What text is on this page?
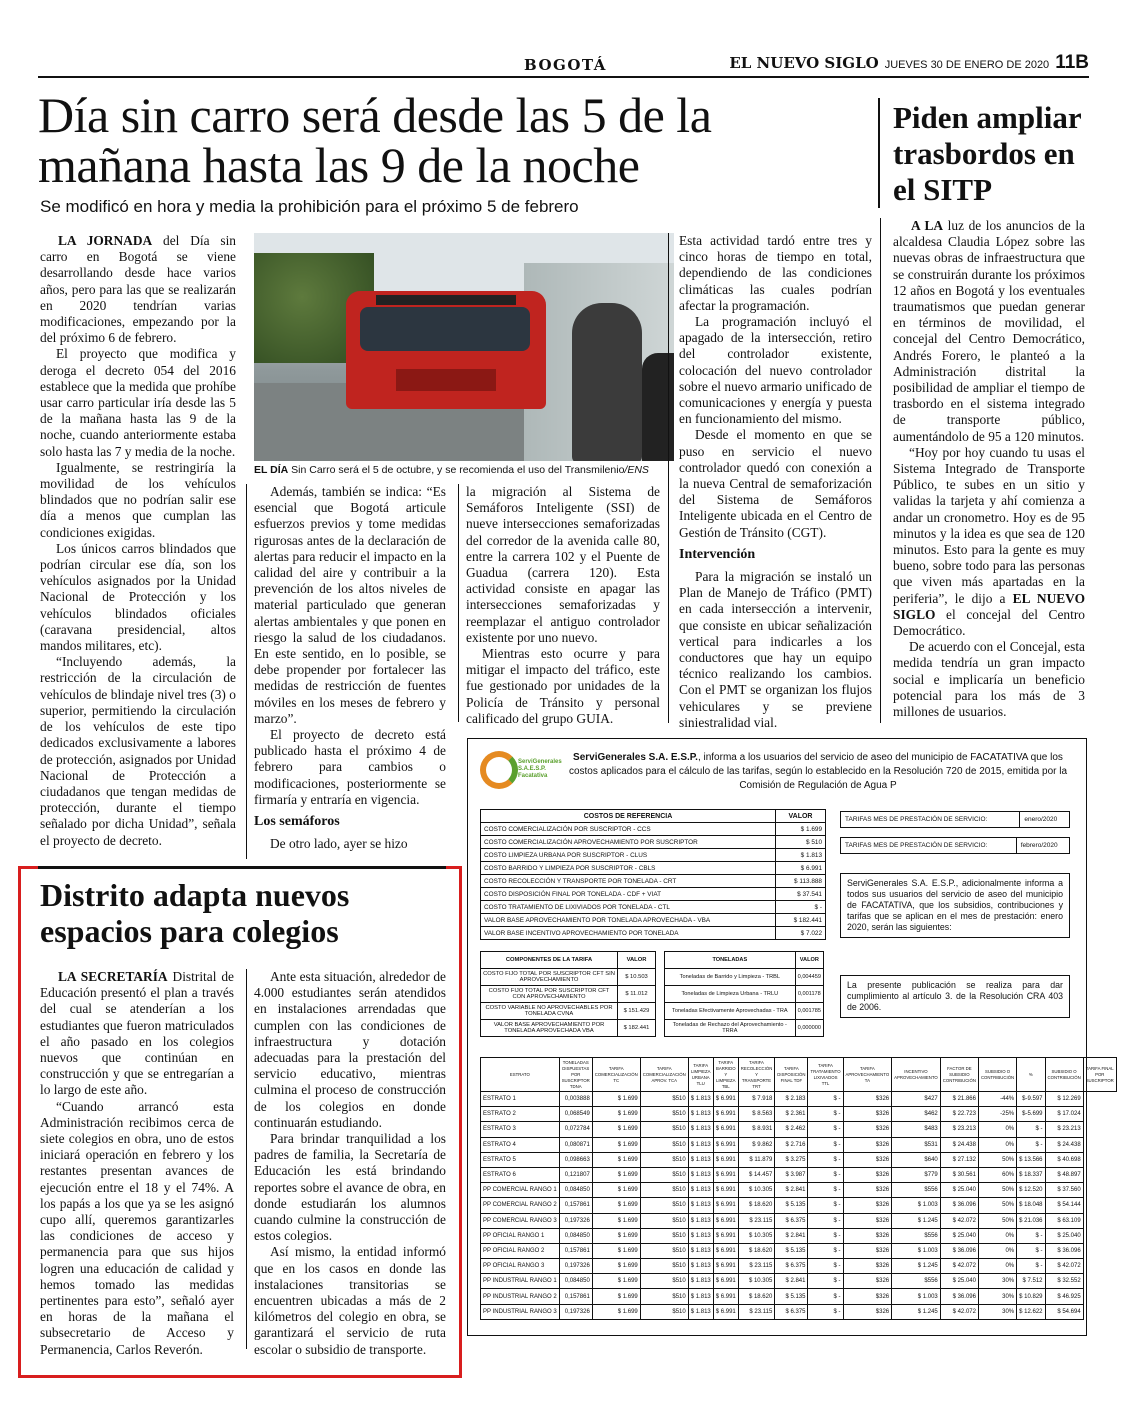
BOGOTÁ	EL NUEVO SIGLO JUEVES 30 DE ENERO DE 2020 11B
Día sin carro será desde las 5 de la mañana hasta las 9 de la noche
Se modificó en hora y media la prohibición para el próximo 5 de febrero

LA JORNADA del Día sin carro en Bogotá se viene desarrollando desde hace varios años, pero para las que se realizarán en 2020 tendrían varias modificaciones, empezando por la del próximo 6 de febrero.

El proyecto que modifica y deroga el decreto 054 del 2016 establece que la medida que prohíbe usar carro particular iría desde las 5 de la mañana hasta las 9 de la noche, cuando anteriormente estaba solo hasta las 7 y media de la noche.

Igualmente, se restringiría la movilidad de los vehículos blindados que no podrían salir ese día a menos que cumplan las condiciones exigidas.

Los únicos carros blindados que podrían circular ese día, son los vehículos asignados por la Unidad Nacional de Protección y los vehículos blindados oficiales (caravana presidencial, altos mandos militares, etc).

“Incluyendo además, la restricción de la circulación de vehículos de blindaje nivel tres (3) o superior, permitiendo la circulación de los vehículos de este tipo dedicados exclusivamente a labores de protección, asignados por Unidad Nacional de Protección a ciudadanos que tengan medidas de protección, durante el tiempo señalado por dicha Unidad”, señala el proyecto de decreto.

EL DÍA Sin Carro será el 5 de octubre, y se recomienda el uso del Transmilenio/ENS

Además, también se indica: “Es esencial que Bogotá articule esfuerzos previos y tome medidas rigurosas antes de la declaración de alertas para reducir el impacto en la calidad del aire y contribuir a la prevención de los altos niveles de material particulado que generan alertas ambientales y que ponen en riesgo la salud de los ciudadanos. En este sentido, en lo posible, se debe propender por fortalecer las medidas de restricción de fuentes móviles en los meses de febrero y marzo”.

El proyecto de decreto está publicado hasta el próximo 4 de febrero para cambios o modificaciones, posteriormente se firmaría y entraría en vigencia.

Los semáforos

De otro lado, ayer se hizo

la migración al Sistema de Semáforos Inteligente (SSI) de nueve intersecciones semaforizadas del corredor de la avenida calle 80, entre la carrera 102 y el Puente de Guadua (carrera 120). Esta actividad consiste en apagar las intersecciones semaforizadas y reemplazar el antiguo controlador existente por uno nuevo.

Mientras esto ocurre y para mitigar el impacto del tráfico, este fue gestionado por unidades de la Policía de Tránsito y personal calificado del grupo GUIA.

Esta actividad tardó entre tres y cinco horas de tiempo en total, dependiendo de las condiciones climáticas las cuales podrían afectar la programación.

La programación incluyó el apagado de la intersección, retiro del controlador existente, colocación del nuevo controlador sobre el nuevo armario unificado de comunicaciones y energía y puesta en funcionamiento del mismo.

Desde el momento en que se puso en servicio el nuevo controlador quedó con conexión a la nueva Central de semaforización del Sistema de Semáforos Inteligente ubicada en el Centro de Gestión de Tránsito (CGT).

Intervención

Para la migración se instaló un Plan de Manejo de Tráfico (PMT) en cada intersección a intervenir, que consiste en ubicar señalización vertical para indicarles a los conductores que hay un equipo técnico realizando los cambios. Con el PMT se organizan los flujos vehiculares y se previene siniestralidad vial.

Piden ampliar trasbordos en el SITP

A LA luz de los anuncios de la alcaldesa Claudia López sobre las nuevas obras de infraestructura que se construirán durante los próximos 12 años en Bogotá y los eventuales traumatismos que puedan generar en términos de movilidad, el concejal del Centro Democrático, Andrés Forero, le planteó a la Administración distrital la posibilidad de ampliar el tiempo de trasbordo en el sistema integrado de transporte público, aumentándolo de 95 a 120 minutos.

“Hoy por hoy cuando tu usas el Sistema Integrado de Transporte Público, te subes en un sitio y validas la tarjeta y ahí comienza a andar un cronometro. Hoy es de 95 minutos y la idea es que sea de 120 minutos. Esto para la gente es muy bueno, sobre todo para las personas que viven más apartadas en la periferia”, le dijo a EL NUEVO SIGLO el concejal del Centro Democrático.

De acuerdo con el Concejal, esta medida tendría un gran impacto social e implicaría un beneficio potencial para los más de 3 millones de usuarios.

Distrito adapta nuevos espacios para colegios

LA SECRETARÍA Distrital de Educación presentó el plan a través del cual se atenderían a los estudiantes que fueron matriculados el año pasado en los colegios nuevos que continúan en construcción y que se entregarían a lo largo de este año.

“Cuando arrancó esta Administración recibimos cerca de siete colegios en obra, uno de estos iniciará operación en febrero y los restantes presentan avances de ejecución entre el 18 y el 74%. A los papás a los que ya se les asignó cupo allí, queremos garantizarles las condiciones de acceso y permanencia para que sus hijos logren una educación de calidad y hemos tomado las medidas pertinentes para esto”, señaló ayer en horas de la mañana el subsecretario de Acceso y Permanencia, Carlos Reverón.

Ante esta situación, alrededor de 4.000 estudiantes serán atendidos en instalaciones arrendadas que cumplen con las condiciones de infraestructura y dotación adecuadas para la prestación del servicio educativo, mientras culmina el proceso de construcción de los colegios en donde continuarán estudiando.

Para brindar tranquilidad a los padres de familia, la Secretaría de Educación les está brindando reportes sobre el avance de obra, en donde estudiarán los alumnos cuando culmine la construcción de estos colegios.

Así mismo, la entidad informó que en los casos en donde las instalaciones transitorias se encuentren ubicadas a más de 2 kilómetros del colegio en obra, se garantizará el servicio de ruta escolar o subsidio de transporte.

ServiGenerales S.A.E.S.P. Facatativa
ServiGenerales S.A. E.S.P., informa a los usuarios del servicio de aseo del municipio de FACATATIVA que los costos aplicados para el cálculo de las tarifas, según lo establecido en la Resolución 720 de 2015, emitida por la Comisión de Regulación de Agua P
COSTOS DE REFERENCIA	VALOR
COSTO COMERCIALIZACIÓN POR SUSCRIPTOR - CCS	$ 1.699
COSTO COMERCIALIZACIÓN APROVECHAMIENTO POR SUSCRIPTOR	$ 510
COSTO LIMPIEZA URBANA POR SUSCRIPTOR - CLUS	$ 1.813
COSTO BARRIDO Y LIMPIEZA POR SUSCRIPTOR - CBLS	$ 6.991
COSTO RECOLECCIÓN Y TRANSPORTE POR TONELADA - CRT	$ 113.888
COSTO DISPOSICIÓN FINAL POR TONELADA - CDF + VIAT	$ 37.541
COSTO TRATAMIENTO DE LIXIVIADOS POR TONELADA - CTL	$ -
VALOR BASE APROVECHAMIENTO POR TONELADA APROVECHADA - VBA	$ 182.441
VALOR BASE INCENTIVO APROVECHAMIENTO POR TONELADA	$ 7.022
TARIFAS MES DE PRESTACIÓN DE SERVICIO:	enero/2020
TARIFAS MES DE PRESTACIÓN DE SERVICIO:	febrero/2020
ServiGenerales S.A. E.S.P., adicionalmente informa a todos sus usuarios del servicio de aseo del municipio de FACATATIVA, que los subsidios, contribuciones y tarifas que se aplican en el mes de prestación: enero 2020, serán las siguientes:
La presente publicación se realiza para dar cumplimiento al artículo 3. de la Resolución CRA 403 de 2006.
COMPONENTES DE LA TARIFA	VALOR
COSTO FIJO TOTAL POR SUSCRIPTOR CFT SIN APROVECHAMIENTO	$ 10.503
COSTO FIJO TOTAL POR SUSCRIPTOR CFT CON APROVECHAMIENTO	$ 11.012
COSTO VARIABLE NO APROVECHABLES POR TONELADA CVNA	$ 151.429
VALOR BASE APROVECHAMIENTO POR TONELADA APROVECHADA VBA	$ 182.441
TONELADAS	VALOR
Toneladas de Barrido y Limpieza - TRBL	0,004459
Toneladas de Limpieza Urbana - TRLU	0,001178
Toneladas Efectivamente Aprovechadas - TRA	0,001785
Toneladas de Rechazo del Aprovechamiento - TRRA	0,000000
ESTRATO	TONELADAS DISPUESTAS POR SUSCRIPTOR TDNA	TARIFA COMERCIALIZACIÓN TC	TARIFA COMERCIALIZACIÓN APROV. TCA	TARIFA LIMPIEZA URBANA TLU	TARIFA BARRIDO Y LIMPIEZA TBL	TARIFA RECOLECCIÓN Y TRANSPORTE TRT	TARIFA DISPOSICIÓN FINAL TDF	TARIFA TRATAMIENTO LIXIVIADOS TTL	TARIFA APROVECHAMIENTO TA	INCENTIVO APROVECHAMIENTO	FACTOR DE SUBSIDIO CONTRIBUCIÓN	SUBSIDIO O CONTRIBUCIÓN	%	SUBSIDIO O CONTRIBUCIÓN	TARIFA FINAL POR SUSCRIPTOR
ESTRATO 1	0,003888	$ 1.699	$510	$ 1.813	$ 6.991	$ 7.918	$ 2.183	$ -	$326	$427	$ 21.866	-44%	$-9.597	$ 12.269	
ESTRATO 2	0,068549	$ 1.699	$510	$ 1.813	$ 6.991	$ 8.563	$ 2.361	$ -	$326	$462	$ 22.723	-25%	$-5.699	$ 17.024	
ESTRATO 3	0,072784	$ 1.699	$510	$ 1.813	$ 6.991	$ 8.931	$ 2.462	$ -	$326	$483	$ 23.213	0%	$ -	$ 23.213	
ESTRATO 4	0,080871	$ 1.699	$510	$ 1.813	$ 6.991	$ 9.862	$ 2.716	$ -	$326	$531	$ 24.438	0%	$ -	$ 24.438	
ESTRATO 5	0,098663	$ 1.699	$510	$ 1.813	$ 6.991	$ 11.879	$ 3.275	$ -	$326	$640	$ 27.132	50%	$ 13.566	$ 40.698	
ESTRATO 6	0,121807	$ 1.699	$510	$ 1.813	$ 6.991	$ 14.457	$ 3.987	$ -	$326	$779	$ 30.561	60%	$ 18.337	$ 48.897	
PP COMERCIAL RANGO 1	0,084850	$ 1.699	$510	$ 1.813	$ 6.991	$ 10.305	$ 2.841	$ -	$326	$556	$ 25.040	50%	$ 12.520	$ 37.560	
PP COMERCIAL RANGO 2	0,157861	$ 1.699	$510	$ 1.813	$ 6.991	$ 18.620	$ 5.135	$ -	$326	$ 1.003	$ 36.096	50%	$ 18.048	$ 54.144	
PP COMERCIAL RANGO 3	0,197326	$ 1.699	$510	$ 1.813	$ 6.991	$ 23.115	$ 6.375	$ -	$326	$ 1.245	$ 42.072	50%	$ 21.036	$ 63.109	
PP OFICIAL RANGO 1	0,084850	$ 1.699	$510	$ 1.813	$ 6.991	$ 10.305	$ 2.841	$ -	$326	$556	$ 25.040	0%	$ -	$ 25.040	
PP OFICIAL RANGO 2	0,157861	$ 1.699	$510	$ 1.813	$ 6.991	$ 18.620	$ 5.135	$ -	$326	$ 1.003	$ 36.096	0%	$ -	$ 36.096	
PP OFICIAL RANGO 3	0,197326	$ 1.699	$510	$ 1.813	$ 6.991	$ 23.115	$ 6.375	$ -	$326	$ 1.245	$ 42.072	0%	$ -	$ 42.072	
PP INDUSTRIAL RANGO 1	0,084850	$ 1.699	$510	$ 1.813	$ 6.991	$ 10.305	$ 2.841	$ -	$326	$556	$ 25.040	30%	$ 7.512	$ 32.552	
PP INDUSTRIAL RANGO 2	0,157861	$ 1.699	$510	$ 1.813	$ 6.991	$ 18.620	$ 5.135	$ -	$326	$ 1.003	$ 36.096	30%	$ 10.829	$ 46.925	
PP INDUSTRIAL RANGO 3	0,197326	$ 1.699	$510	$ 1.813	$ 6.991	$ 23.115	$ 6.375	$ -	$326	$ 1.245	$ 42.072	30%	$ 12.622	$ 54.694	
